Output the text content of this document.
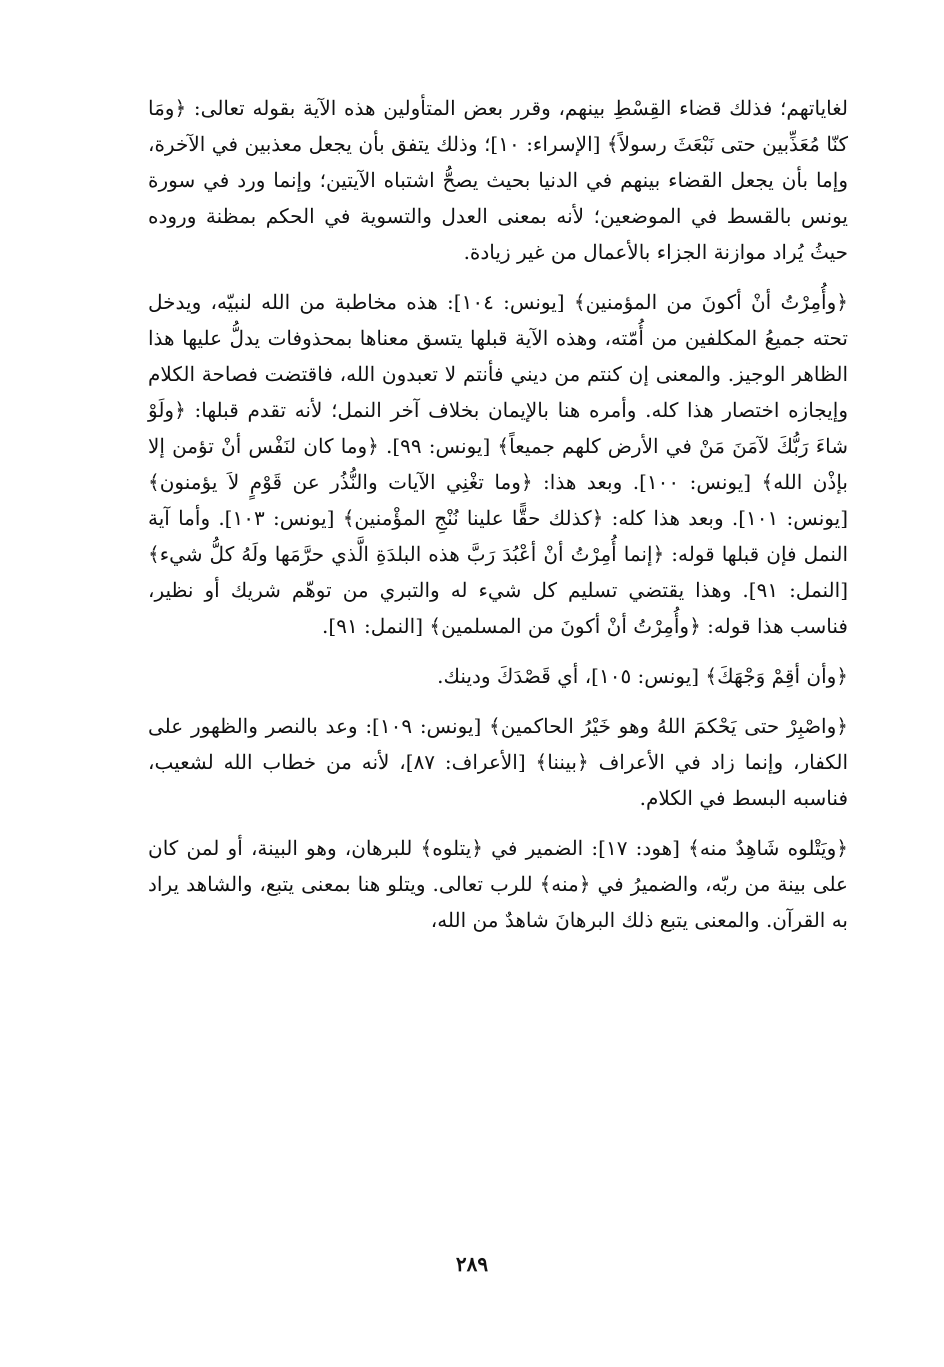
لغاياتهم؛ فذلك قضاء القِسْطِ بينهم، وقرر بعض المتأولين هذه الآية بقوله تعالى: ﴿ومَا كنّا مُعَذِّبين حتى نَبْعَثَ رسولاً﴾ [الإسراء: ١٠]؛ وذلك يتفق بأن يجعل معذبين في الآخرة، وإما بأن يجعل القضاء بينهم في الدنيا بحيث يصحُّ اشتباه الآيتين؛ وإنما ورد في سورة يونس بالقسط في الموضعين؛ لأنه بمعنى العدل والتسوية في الحكم بمظنة وروده حيثُ يُراد موازنة الجزاء بالأعمال من غير زيادة.

﴿وأُمِرْتُ أنْ أكونَ من المؤمنين﴾ [يونس: ١٠٤]: هذه مخاطبة من الله لنبيّه، ويدخل تحته جميعُ المكلفين من أُمّته، وهذه الآية قبلها يتسق معناها بمحذوفات يدلُّ عليها هذا الظاهر الوجيز. والمعنى إن كنتم من ديني فأنتم لا تعبدون الله، فاقتضت فصاحة الكلام وإيجازه اختصار هذا كله. وأمره هنا بالإيمان بخلاف آخر النمل؛ لأنه تقدم قبلها: ﴿ولَوْ شاءَ رَبُّكَ لآمَنَ مَنْ في الأرض كلهم جميعاً﴾ [يونس: ٩٩]. ﴿وما كان لنَفْس أنْ تؤمن إلا بإذْن الله﴾ [يونس: ١٠٠]. وبعد هذا: ﴿وما تغْنِي الآيات والنُّذُر عن قَوْمٍ لاَ يؤمنون﴾ [يونس: ١٠١]. وبعد هذا كله: ﴿كذلك حقًّا علينا نُنْجِ المؤْمنين﴾ [يونس: ١٠٣]. وأما آية النمل فإن قبلها قوله: ﴿إنما أُمِرْتُ أنْ أعْبُدَ رَبَّ هذه البلدَةِ الَّذي حرَّمَها ولَهُ كلُّ شيء﴾ [النمل: ٩١]. وهذا يقتضي تسليم كل شيء له والتبري من توهّم شريك أو نظير، فناسب هذا قوله: ﴿وأُمِرْتُ أنْ أكونَ من المسلمين﴾ [النمل: ٩١].

﴿وأن أقِمْ وَجْهَكَ﴾ [يونس: ١٠٥]، أي قَصْدَكَ ودينك.

﴿واصْبِرْ حتى يَحْكمَ اللهُ وهو خَيْرُ الحاكمين﴾ [يونس: ١٠٩]: وعد بالنصر والظهور على الكفار، وإنما زاد في الأعراف ﴿بيننا﴾ [الأعراف: ٨٧]، لأنه من خطاب الله لشعيب، فناسبه البسط في الكلام.

﴿ويَتْلوه شَاهِدٌ منه﴾ [هود: ١٧]: الضمير في ﴿يتلوه﴾ للبرهان، وهو البينة، أو لمن كان على بينة من ربّه، والضميرُ في ﴿منه﴾ للرب تعالى. ويتلو هنا بمعنى يتبع، والشاهد يراد به القرآن. والمعنى يتبع ذلك البرهانَ شاهدٌ من الله،

٢٨٩
